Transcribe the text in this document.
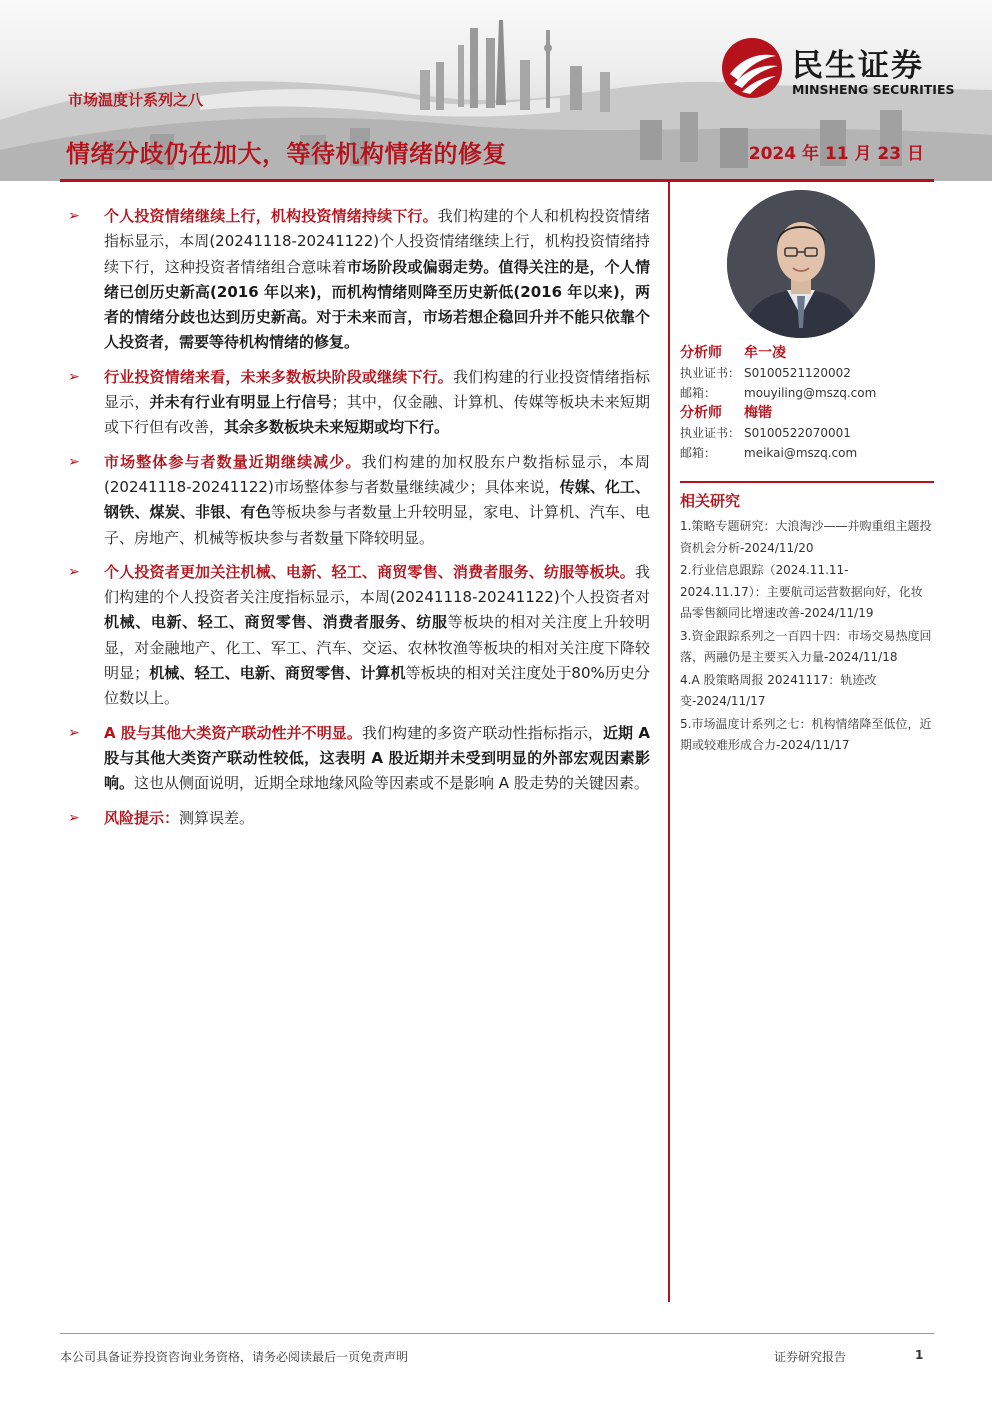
市场温度计系列之八
情绪分歧仍在加大，等待机构情绪的修复	2024 年 11 月 23 日
民生证券
MINSHENG SECURITIES
➢ 个人投资情绪继续上行，机构投资情绪持续下行。我们构建的个人和机构投资情绪指标显示，本周(20241118-20241122)个人投资情绪继续上行，机构投资情绪持续下行，这种投资者情绪组合意味着市场阶段或偏弱走势。值得关注的是，个人情绪已创历史新高(2016 年以来)，而机构情绪则降至历史新低(2016 年以来)，两者的情绪分歧也达到历史新高。对于未来而言，市场若想企稳回升并不能只依靠个人投资者，需要等待机构情绪的修复。
➢ 行业投资情绪来看，未来多数板块阶段或继续下行。我们构建的行业投资情绪指标显示，并未有行业有明显上行信号；其中，仅金融、计算机、传媒等板块未来短期或下行但有改善，其余多数板块未来短期或均下行。
➢ 市场整体参与者数量近期继续减少。我们构建的加权股东户数指标显示，本周(20241118-20241122)市场整体参与者数量继续减少；具体来说，传媒、化工、钢铁、煤炭、非银、有色等板块参与者数量上升较明显，家电、计算机、汽车、电子、房地产、机械等板块参与者数量下降较明显。
➢ 个人投资者更加关注机械、电新、轻工、商贸零售、消费者服务、纺服等板块。我们构建的个人投资者关注度指标显示，本周(20241118-20241122)个人投资者对机械、电新、轻工、商贸零售、消费者服务、纺服等板块的相对关注度上升较明显，对金融地产、化工、军工、汽车、交运、农林牧渔等板块的相对关注度下降较明显；机械、轻工、电新、商贸零售、计算机等板块的相对关注度处于80%历史分位数以上。
➢ A 股与其他大类资产联动性并不明显。我们构建的多资产联动性指标指示，近期 A 股与其他大类资产联动性较低，这表明 A 股近期并未受到明显的外部宏观因素影响。这也从侧面说明，近期全球地缘风险等因素或不是影响 A 股走势的关键因素。
➢ 风险提示：测算误差。
分析师 牟一凌
执业证书： S0100521120002
邮箱： mouyiling@mszq.com
分析师 梅锴
执业证书： S0100522070001
邮箱： meikai@mszq.com
相关研究
1.策略专题研究：大浪淘沙——并购重组主题投资机会分析-2024/11/20
2.行业信息跟踪（2024.11.11-2024.11.17）：主要航司运营数据向好，化妆品零售额同比增速改善-2024/11/19
3.资金跟踪系列之一百四十四：市场交易热度回落，两融仍是主要买入力量-2024/11/18
4.A 股策略周报 20241117：轨迹改变-2024/11/17
5.市场温度计系列之七：机构情绪降至低位，近期或较难形成合力-2024/11/17
本公司具备证券投资咨询业务资格，请务必阅读最后一页免责声明	证券研究报告	1
